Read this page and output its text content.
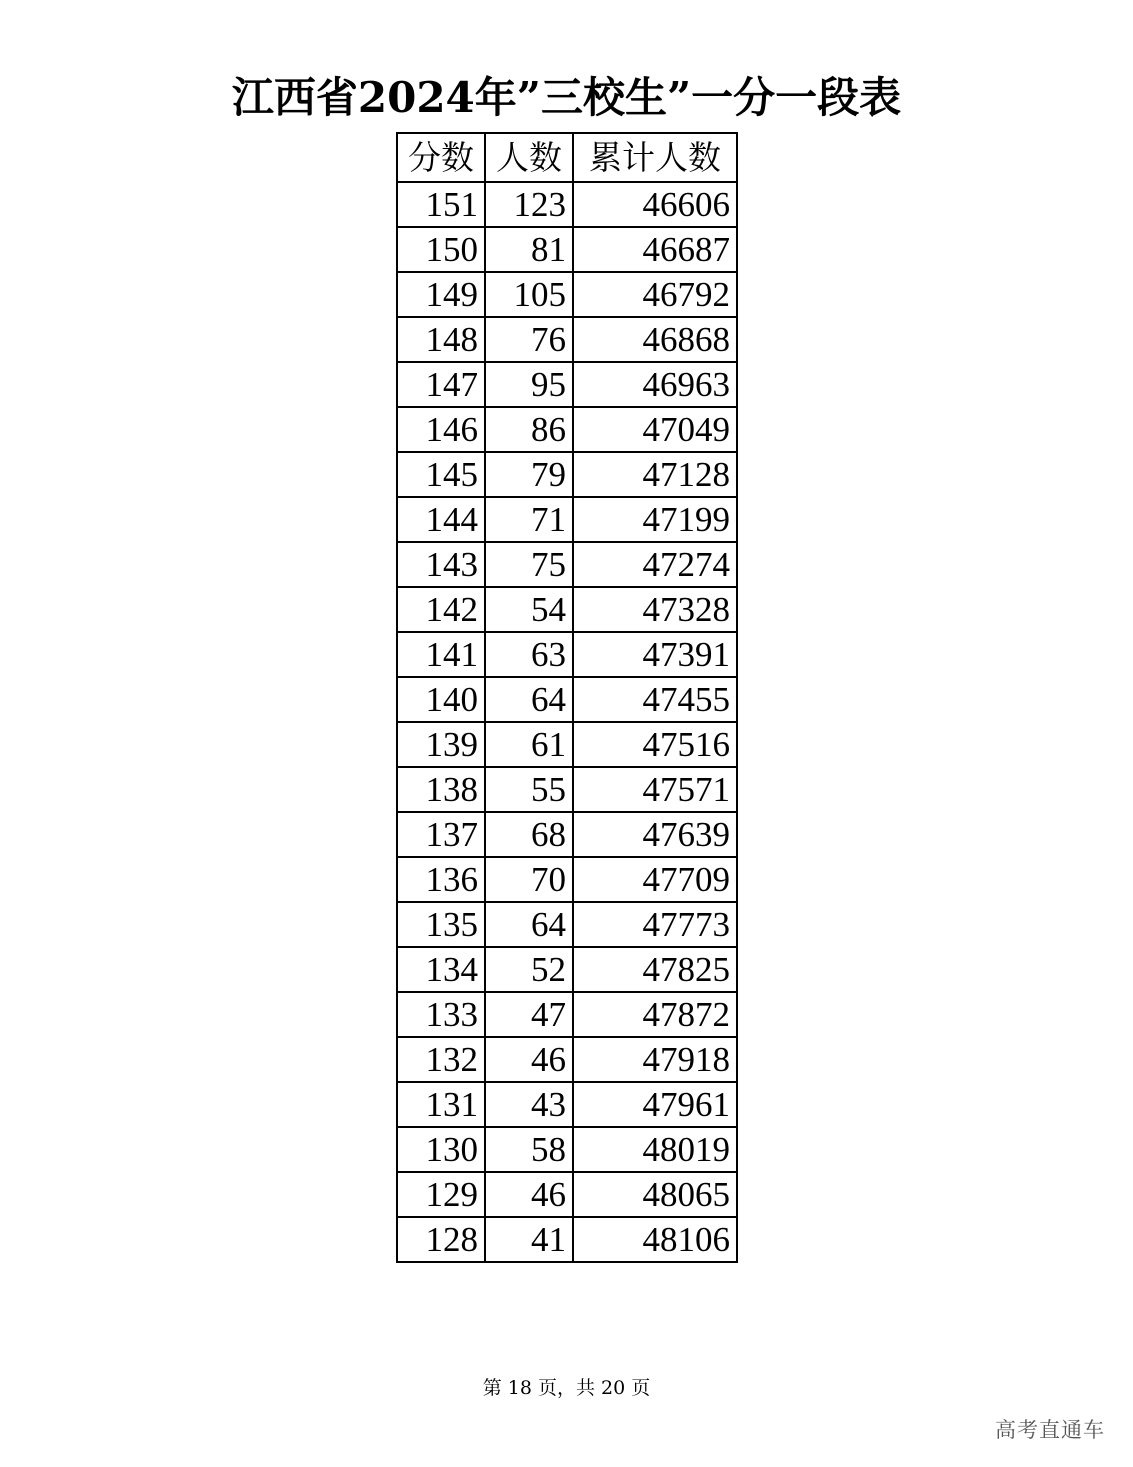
江西省2024年”三校生”一分一段表
分数	人数	累计人数
151	123	46606
150	81	46687
149	105	46792
148	76	46868
147	95	46963
146	86	47049
145	79	47128
144	71	47199
143	75	47274
142	54	47328
141	63	47391
140	64	47455
139	61	47516
138	55	47571
137	68	47639
136	70	47709
135	64	47773
134	52	47825
133	47	47872
132	46	47918
131	43	47961
130	58	48019
129	46	48065
128	41	48106
第 18 页，共 20 页
高考直通车
